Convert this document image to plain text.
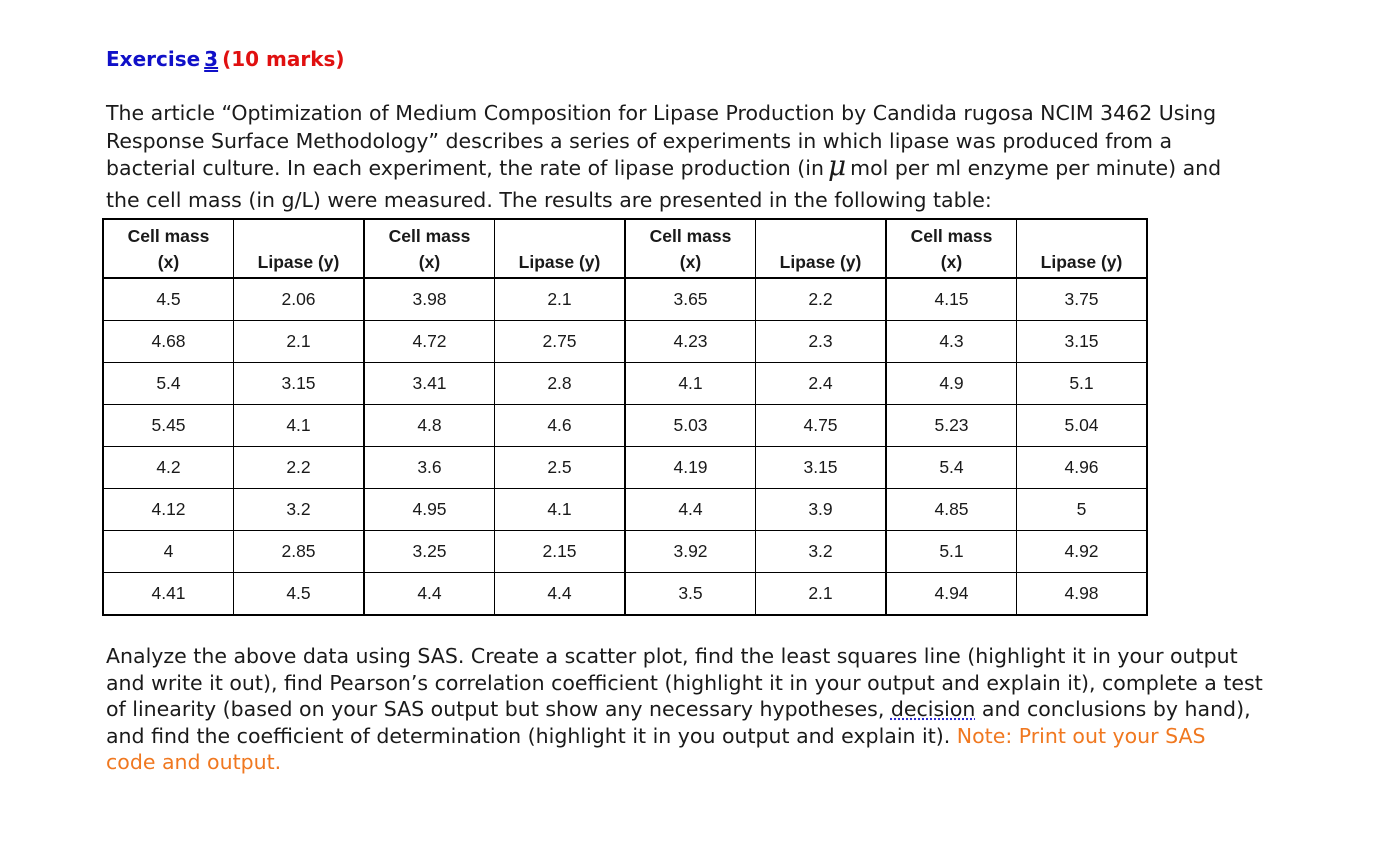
Exercise 3 (10 marks)

The article “Optimization of Medium Composition for Lipase Production by Candida rugosa NCIM 3462 Using

Response Surface Methodology” describes a series of experiments in which lipase was produced from a

bacterial culture. In each experiment, the rate of lipase production (in μ mol per ml enzyme per minute) and

the cell mass (in g/L) were measured. The results are presented in the following table:

Cell mass
(x)	Lipase (y)	Cell mass
(x)	Lipase (y)	Cell mass
(x)	Lipase (y)	Cell mass
(x)	Lipase (y)
4.5	2.06	3.98	2.1	3.65	2.2	4.15	3.75
4.68	2.1	4.72	2.75	4.23	2.3	4.3	3.15
5.4	3.15	3.41	2.8	4.1	2.4	4.9	5.1
5.45	4.1	4.8	4.6	5.03	4.75	5.23	5.04
4.2	2.2	3.6	2.5	4.19	3.15	5.4	4.96
4.12	3.2	4.95	4.1	4.4	3.9	4.85	5
4	2.85	3.25	2.15	3.92	3.2	5.1	4.92
4.41	4.5	4.4	4.4	3.5	2.1	4.94	4.98

Analyze the above data using SAS. Create a scatter plot, find the least squares line (highlight it in your output

and write it out), find Pearson’s correlation coefficient (highlight it in your output and explain it), complete a test

of linearity (based on your SAS output but show any necessary hypotheses, decision and conclusions by hand),

and find the coefficient of determination (highlight it in you output and explain it). Note: Print out your SAS

code and output.
